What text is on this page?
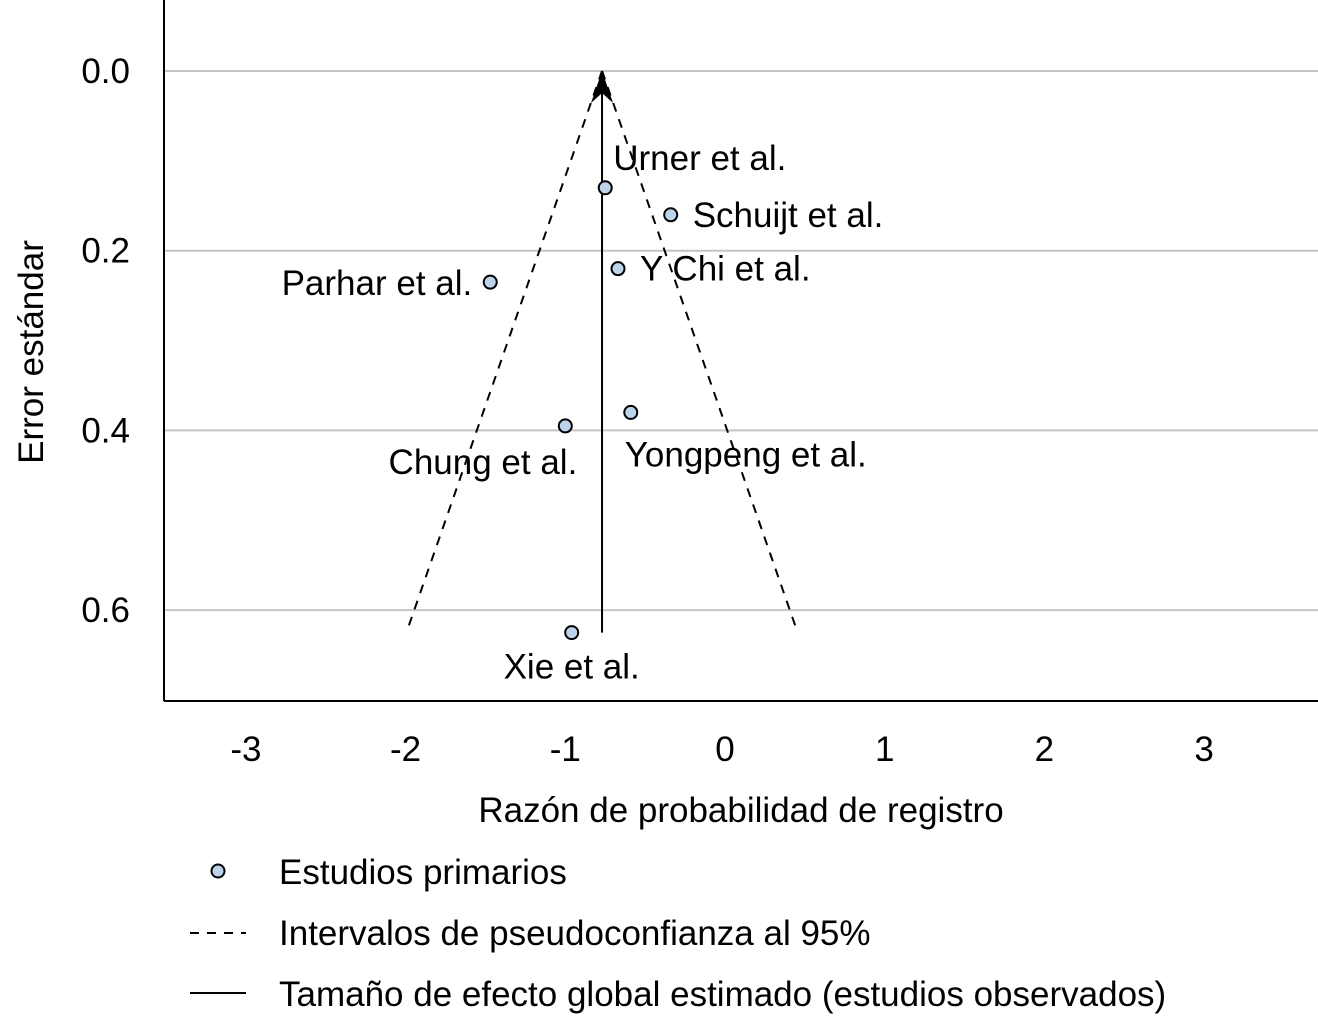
-3	-2	-1	0	1	2	3
0.0
0.2
0.4
0.6
Urner et al.
Schuijt et al.
Y Chi et al.
Parhar et al.
Chung et al. Yongpeng et al.
Xie et al.
Razón de probabilidad de registro
Error estándar
Estudios primarios
Intervalos de pseudoconfianza al 95%
Tamaño de efecto global estimado (estudios observados)
